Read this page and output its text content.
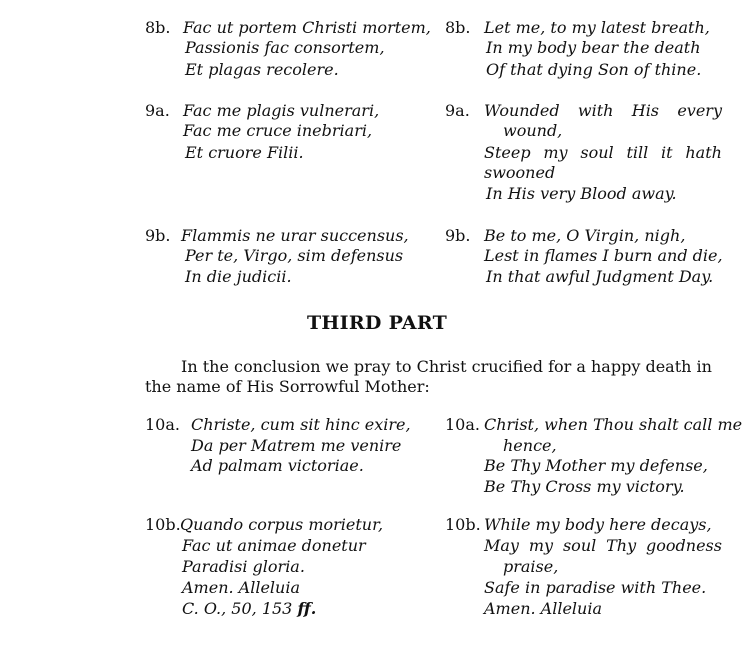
8b. Fac ut portem Christi mortem,
Passionis fac consortem,
Et plagas recolere.
8b. Let me, to my latest breath,
In my body bear the death
Of that dying Son of thine.
9a. Fac me plagis vulnerari,
Fac me cruce inebriari,
Et cruore Filii.
9a. Wounded with His every
wound,
Steep my soul till it hath
swooned
In His very Blood away.
9b. Flammis ne urar succensus,
Per te, Virgo, sim defensus
In die judicii.
9b. Be to me, O Virgin, nigh,
Lest in flames I burn and die,
In that awful Judgment Day.
THIRD PART
In the conclusion we pray to Christ crucified for a happy death in
the name of His Sorrowful Mother:
10a. Christe, cum sit hinc exire,
Da per Matrem me venire
Ad palmam victoriae.
10a. Christ, when Thou shalt call me
hence,
Be Thy Mother my defense,
Be Thy Cross my victory.
10b. Quando corpus morietur,
Fac ut animae donetur
Paradisi gloria.
Amen. Alleluia
C. O., 50, 153 ff.
10b. While my body here decays,
May my soul Thy goodness
praise,
Safe in paradise with Thee.
Amen. Alleluia
